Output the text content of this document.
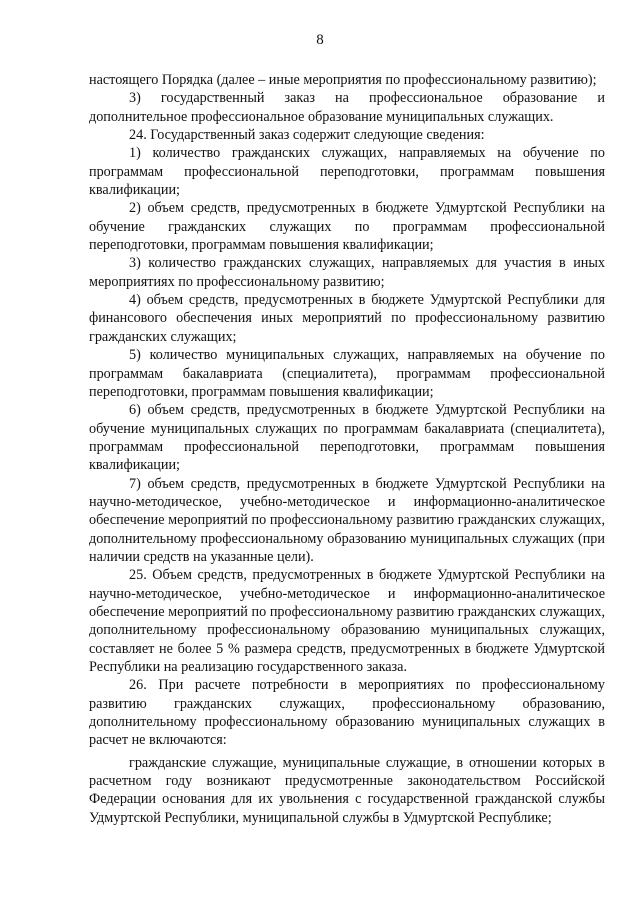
8

настоящего Порядка (далее – иные мероприятия по профессиональному развитию);

3) государственный заказ на профессиональное образование и дополнительное профессиональное образование муниципальных служащих.

24. Государственный заказ содержит следующие сведения:

1) количество гражданских служащих, направляемых на обучение по программам профессиональной переподготовки, программам повышения квалификации;

2) объем средств, предусмотренных в бюджете Удмуртской Республики на обучение гражданских служащих по программам профессиональной переподготовки, программам повышения квалификации;

3) количество гражданских служащих, направляемых для участия в иных мероприятиях по профессиональному развитию;

4) объем средств, предусмотренных в бюджете Удмуртской Республики для финансового обеспечения иных мероприятий по профессиональному развитию гражданских служащих;

5) количество муниципальных служащих, направляемых на обучение по программам бакалавриата (специалитета), программам профессиональной переподготовки, программам повышения квалификации;

6) объем средств, предусмотренных в бюджете Удмуртской Республики на обучение муниципальных служащих по программам бакалавриата (специалитета), программам профессиональной переподготовки, программам повышения квалификации;

7) объем средств, предусмотренных в бюджете Удмуртской Республики на научно-методическое, учебно-методическое и информационно-аналитическое обеспечение мероприятий по профессиональному развитию гражданских служащих, дополнительному профессиональному образованию муниципальных служащих (при наличии средств на указанные цели).

25. Объем средств, предусмотренных в бюджете Удмуртской Республики на научно-методическое, учебно-методическое и информационно-аналитическое обеспечение мероприятий по профессиональному развитию гражданских служащих, дополнительному профессиональному образованию муниципальных служащих, составляет не более 5 % размера средств, предусмотренных в бюджете Удмуртской Республики на реализацию государственного заказа.

26. При расчете потребности в мероприятиях по профессиональному развитию гражданских служащих, профессиональному образованию, дополнительному профессиональному образованию муниципальных служащих в расчет не включаются:

гражданские служащие, муниципальные служащие, в отношении которых в расчетном году возникают предусмотренные законодательством Российской Федерации основания для их увольнения с государственной гражданской службы Удмуртской Республики, муниципальной службы в Удмуртской Республике;
